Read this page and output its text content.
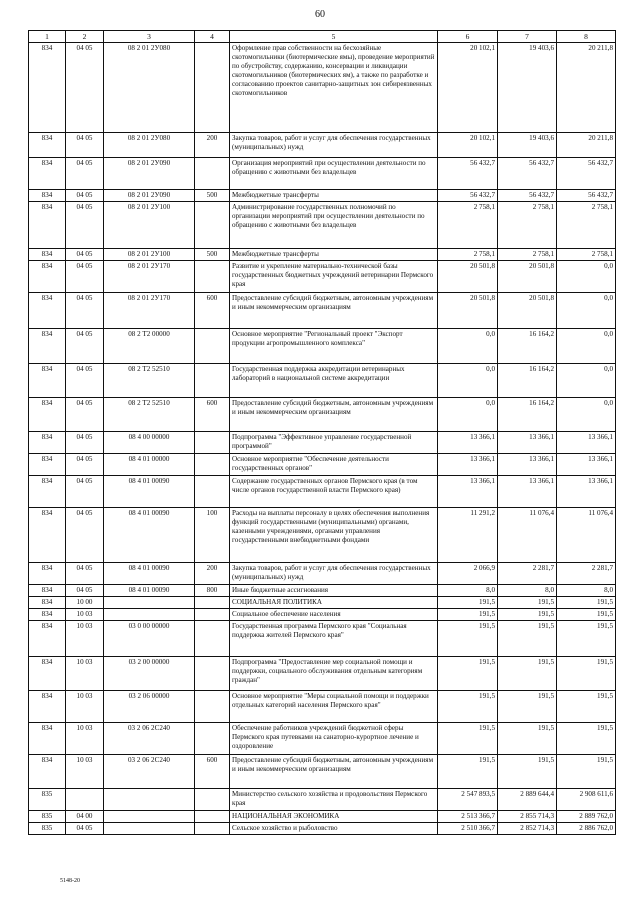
60
1	2	3	4	5	6	7	8
834	04 05	08 2 01 2У080		Оформление прав собственности на бесхозяйные скотомогильники (биотермические ямы), проведение мероприятий по обустройству, содержанию, консервации и ликвидации скотомогильников (биотермических ям), а также по разработке и согласованию проектов санитарно-защитных зон сибиреязвенных скотомогильников	20 102,1	19 403,6	20 211,8
834	04 05	08 2 01 2У080	200	Закупка товаров, работ и услуг для обеспечения государственных (муниципальных) нужд	20 102,1	19 403,6	20 211,8
834	04 05	08 2 01 2У090		Организация мероприятий при осуществлении деятельности по обращению с животными без владельцев	56 432,7	56 432,7	56 432,7
834	04 05	08 2 01 2У090	500	Межбюджетные трансферты	56 432,7	56 432,7	56 432,7
834	04 05	08 2 01 2У100		Администрирование государственных полномочий по организации мероприятий при осуществлении деятельности по обращению с животными без владельцев	2 758,1	2 758,1	2 758,1
834	04 05	08 2 01 2У100	500	Межбюджетные трансферты	2 758,1	2 758,1	2 758,1
834	04 05	08 2 01 2У170		Развитие и укрепление материально-технической базы государственных бюджетных учреждений ветеринарии Пермского края	20 501,8	20 501,8	0,0
834	04 05	08 2 01 2У170	600	Предоставление субсидий бюджетным, автономным учреждениям и иным некоммерческим организациям	20 501,8	20 501,8	0,0
834	04 05	08 2 Т2 00000		Основное мероприятие "Региональный проект "Экспорт продукции агропромышленного комплекса"	0,0	16 164,2	0,0
834	04 05	08 2 Т2 52510		Государственная поддержка аккредитации ветеринарных лабораторий в национальной системе аккредитации	0,0	16 164,2	0,0
834	04 05	08 2 Т2 52510	600	Предоставление субсидий бюджетным, автономным учреждениям и иным некоммерческим организациям	0,0	16 164,2	0,0
834	04 05	08 4 00 00000		Подпрограмма "Эффективное управление государственной программой"	13 366,1	13 366,1	13 366,1
834	04 05	08 4 01 00000		Основное мероприятие "Обеспечение деятельности государственных органов"	13 366,1	13 366,1	13 366,1
834	04 05	08 4 01 00090		Содержание государственных органов Пермского края (в том числе органов государственной власти Пермского края)	13 366,1	13 366,1	13 366,1
834	04 05	08 4 01 00090	100	Расходы на выплаты персоналу в целях обеспечения выполнения функций государственными (муниципальными) органами, казенными учреждениями, органами управления государственными внебюджетными фондами	11 291,2	11 076,4	11 076,4
834	04 05	08 4 01 00090	200	Закупка товаров, работ и услуг для обеспечения государственных (муниципальных) нужд	2 066,9	2 281,7	2 281,7
834	04 05	08 4 01 00090	800	Иные бюджетные ассигнования	8,0	8,0	8,0
834	10 00			СОЦИАЛЬНАЯ ПОЛИТИКА	191,5	191,5	191,5
834	10 03			Социальное обеспечение населения	191,5	191,5	191,5
834	10 03	03 0 00 00000		Государственная программа Пермского края "Социальная поддержка жителей Пермского края"	191,5	191,5	191,5
834	10 03	03 2 00 00000		Подпрограмма "Предоставление мер социальной помощи и поддержки, социального обслуживания отдельным категориям граждан"	191,5	191,5	191,5
834	10 03	03 2 06 00000		Основное мероприятие "Меры социальной помощи и поддержки отдельных категорий населения Пермского края"	191,5	191,5	191,5
834	10 03	03 2 06 2С240		Обеспечение работников учреждений бюджетной сферы Пермского края путевками на санаторно-курортное лечение и оздоровление	191,5	191,5	191,5
834	10 03	03 2 06 2С240	600	Предоставление субсидий бюджетным, автономным учреждениям и иным некоммерческим организациям	191,5	191,5	191,5
835				Министерство сельского хозяйства и продовольствия Пермского края	2 547 893,5	2 889 644,4	2 908 611,6
835	04 00			НАЦИОНАЛЬНАЯ ЭКОНОМИКА	2 513 366,7	2 855 714,3	2 889 762,0
835	04 05			Сельское хозяйство и рыболовство	2 510 366,7	2 852 714,3	2 886 762,0
5148-20
